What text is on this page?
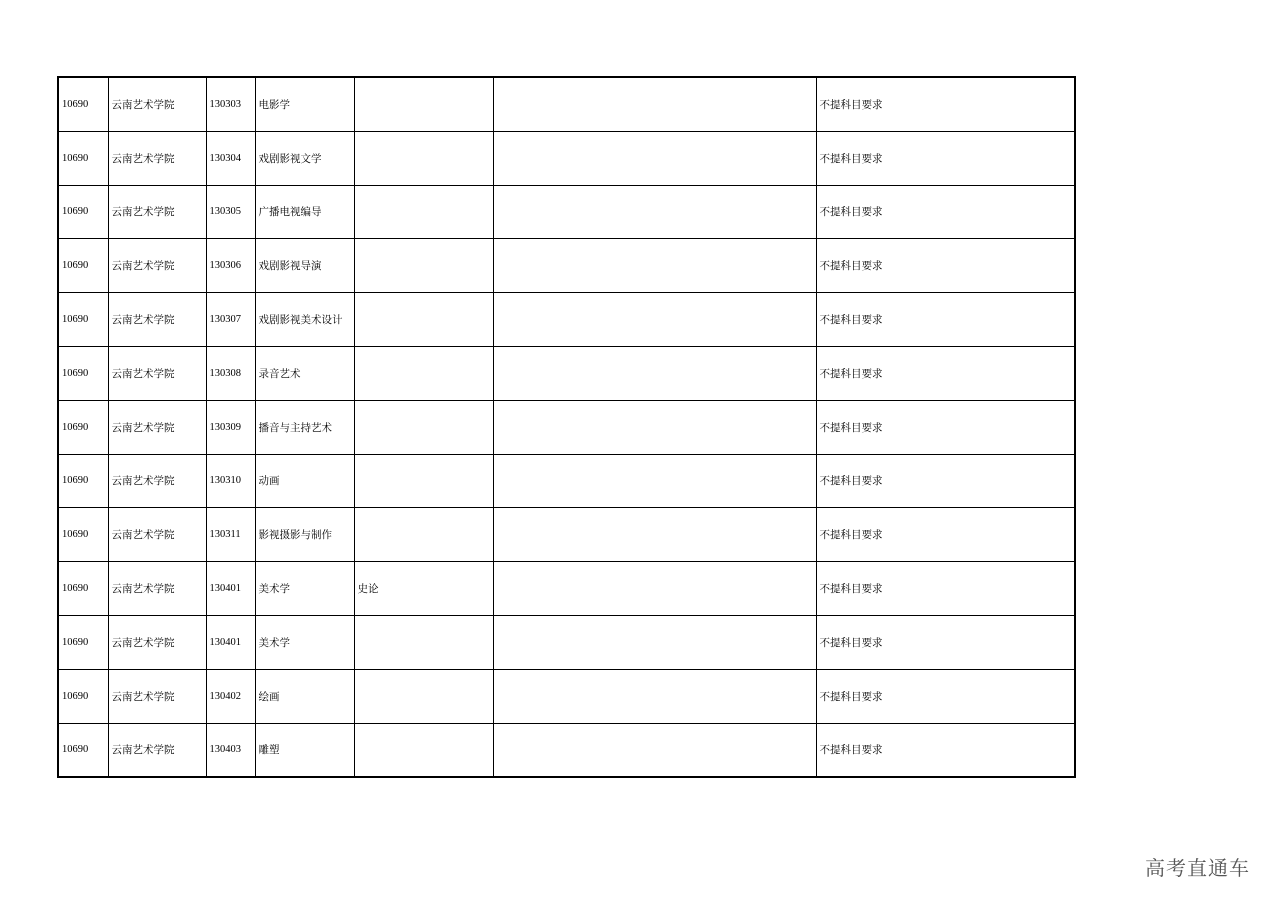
10690	云南艺术学院	130303	电影学			不提科目要求
10690	云南艺术学院	130304	戏剧影视文学			不提科目要求
10690	云南艺术学院	130305	广播电视编导			不提科目要求
10690	云南艺术学院	130306	戏剧影视导演			不提科目要求
10690	云南艺术学院	130307	戏剧影视美术设计			不提科目要求
10690	云南艺术学院	130308	录音艺术			不提科目要求
10690	云南艺术学院	130309	播音与主持艺术			不提科目要求
10690	云南艺术学院	130310	动画			不提科目要求
10690	云南艺术学院	130311	影视摄影与制作			不提科目要求
10690	云南艺术学院	130401	美术学	史论		不提科目要求
10690	云南艺术学院	130401	美术学			不提科目要求
10690	云南艺术学院	130402	绘画			不提科目要求
10690	云南艺术学院	130403	雕塑			不提科目要求
高考直通车
